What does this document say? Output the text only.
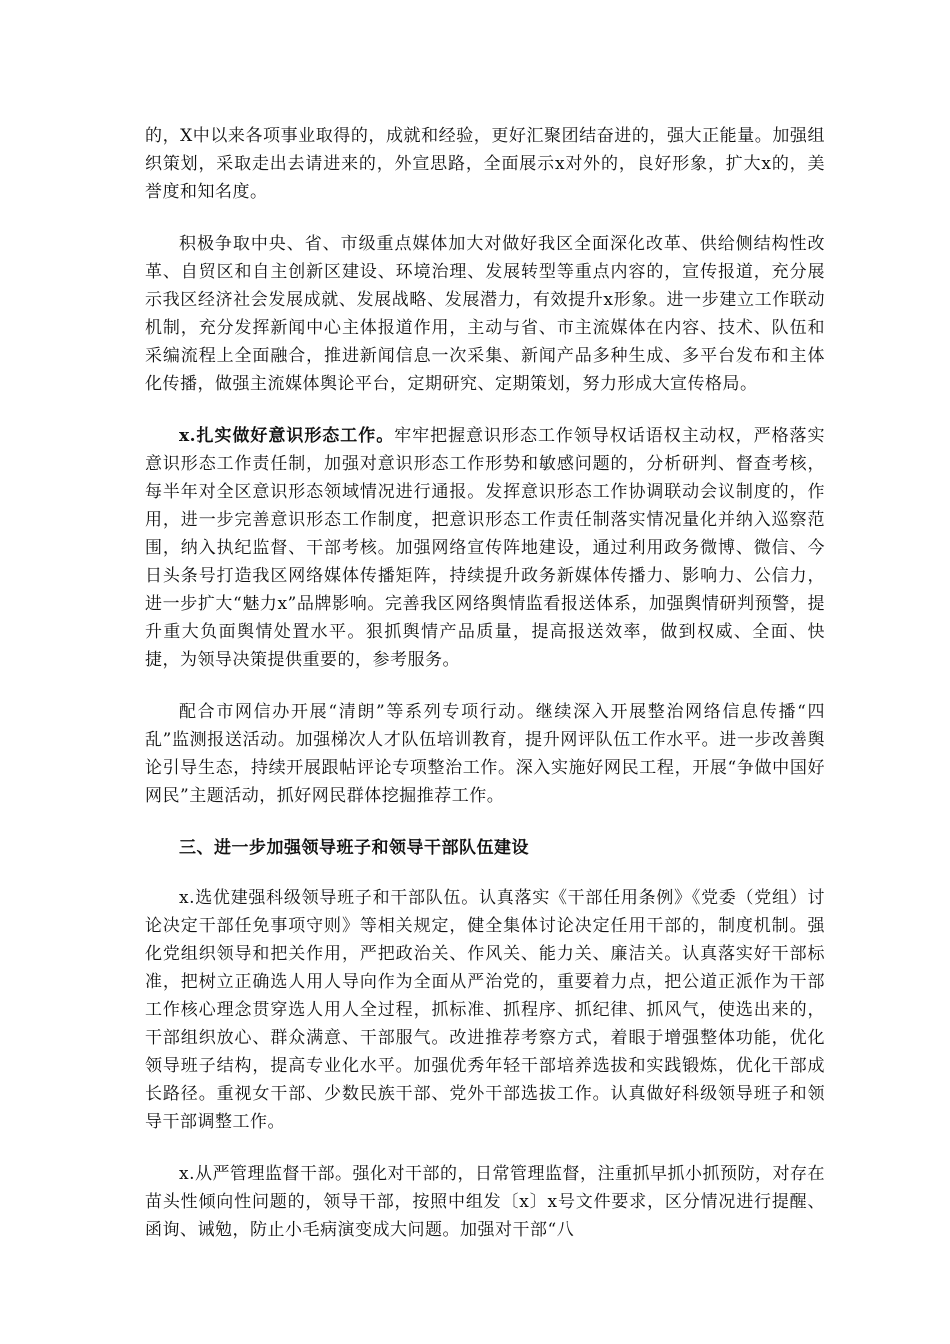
的，X中以来各项事业取得的，成就和经验，更好汇聚团结奋进的，强大正能量。加强组织策划，采取走出去请进来的，外宣思路，全面展示x对外的，良好形象，扩大x的，美誉度和知名度。

积极争取中央、省、市级重点媒体加大对做好我区全面深化改革、供给侧结构性改革、自贸区和自主创新区建设、环境治理、发展转型等重点内容的，宣传报道，充分展示我区经济社会发展成就、发展战略、发展潜力，有效提升x形象。进一步建立工作联动机制，充分发挥新闻中心主体报道作用，主动与省、市主流媒体在内容、技术、队伍和采编流程上全面融合，推进新闻信息一次采集、新闻产品多种生成、多平台发布和主体化传播，做强主流媒体舆论平台，定期研究、定期策划，努力形成大宣传格局。

x.扎实做好意识形态工作。牢牢把握意识形态工作领导权话语权主动权，严格落实意识形态工作责任制，加强对意识形态工作形势和敏感问题的，分析研判、督查考核，每半年对全区意识形态领域情况进行通报。发挥意识形态工作协调联动会议制度的，作用，进一步完善意识形态工作制度，把意识形态工作责任制落实情况量化并纳入巡察范围，纳入执纪监督、干部考核。加强网络宣传阵地建设，通过利用政务微博、微信、今日头条号打造我区网络媒体传播矩阵，持续提升政务新媒体传播力、影响力、公信力，进一步扩大“魅力x”品牌影响。完善我区网络舆情监看报送体系，加强舆情研判预警，提升重大负面舆情处置水平。狠抓舆情产品质量，提高报送效率，做到权威、全面、快捷，为领导决策提供重要的，参考服务。

配合市网信办开展“清朗”等系列专项行动。继续深入开展整治网络信息传播“四乱”监测报送活动。加强梯次人才队伍培训教育，提升网评队伍工作水平。进一步改善舆论引导生态，持续开展跟帖评论专项整治工作。深入实施好网民工程，开展“争做中国好网民”主题活动，抓好网民群体挖掘推荐工作。

三、进一步加强领导班子和领导干部队伍建设

x.选优建强科级领导班子和干部队伍。认真落实《干部任用条例》《党委（党组）讨论决定干部任免事项守则》等相关规定，健全集体讨论决定任用干部的，制度机制。强化党组织领导和把关作用，严把政治关、作风关、能力关、廉洁关。认真落实好干部标准，把树立正确选人用人导向作为全面从严治党的，重要着力点，把公道正派作为干部工作核心理念贯穿选人用人全过程，抓标准、抓程序、抓纪律、抓风气，使选出来的，干部组织放心、群众满意、干部服气。改进推荐考察方式，着眼于增强整体功能，优化领导班子结构，提高专业化水平。加强优秀年轻干部培养选拔和实践锻炼，优化干部成长路径。重视女干部、少数民族干部、党外干部选拔工作。认真做好科级领导班子和领导干部调整工作。

x.从严管理监督干部。强化对干部的，日常管理监督，注重抓早抓小抓预防，对存在苗头性倾向性问题的，领导干部，按照中组发〔x〕x号文件要求，区分情况进行提醒、函询、诫勉，防止小毛病演变成大问题。加强对干部“八
